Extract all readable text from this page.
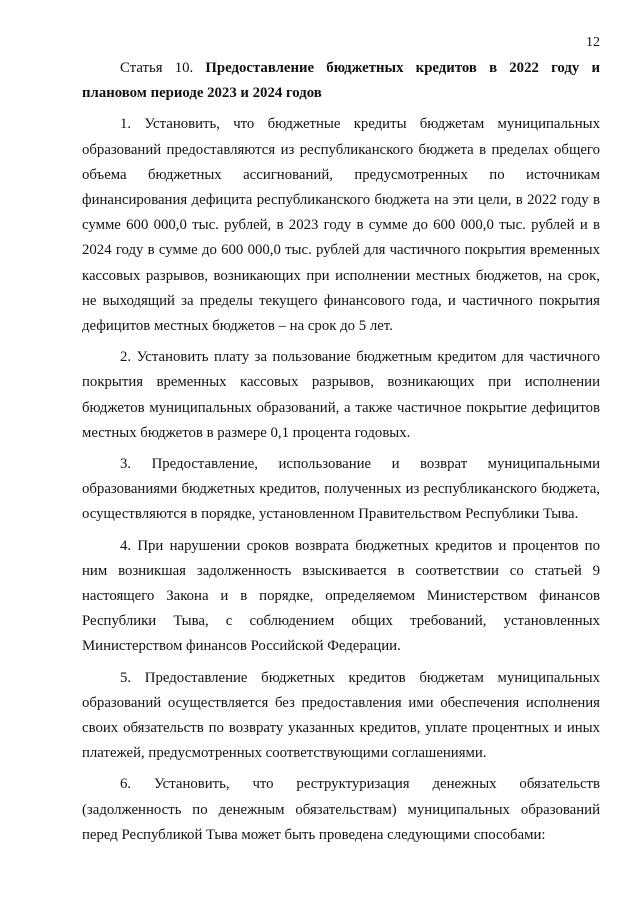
12

Статья 10. Предоставление бюджетных кредитов в 2022 году и плановом периоде 2023 и 2024 годов

1. Установить, что бюджетные кредиты бюджетам муниципальных образований предоставляются из республиканского бюджета в пределах общего объема бюджетных ассигнований, предусмотренных по источникам финансирования дефицита республиканского бюджета на эти цели, в 2022 году в сумме 600 000,0 тыс. рублей, в 2023 году в сумме до 600 000,0 тыс. рублей и в 2024 году в сумме до 600 000,0 тыс. рублей для частичного покрытия временных кассовых разрывов, возникающих при исполнении местных бюджетов, на срок, не выходящий за пределы текущего финансового года, и частичного покрытия дефицитов местных бюджетов – на срок до 5 лет.

2. Установить плату за пользование бюджетным кредитом для частичного покрытия временных кассовых разрывов, возникающих при исполнении бюджетов муниципальных образований, а также частичное покрытие дефицитов местных бюджетов в размере 0,1 процента годовых.

3. Предоставление, использование и возврат муниципальными образованиями бюджетных кредитов, полученных из республиканского бюджета, осуществляются в порядке, установленном Правительством Республики Тыва.

4. При нарушении сроков возврата бюджетных кредитов и процентов по ним возникшая задолженность взыскивается в соответствии со статьей 9 настоящего Закона и в порядке, определяемом Министерством финансов Республики Тыва, с соблюдением общих требований, установленных Министерством финансов Российской Федерации.

5. Предоставление бюджетных кредитов бюджетам муниципальных образований осуществляется без предоставления ими обеспечения исполнения своих обязательств по возврату указанных кредитов, уплате процентных и иных платежей, предусмотренных соответствующими соглашениями.

6. Установить, что реструктуризация денежных обязательств (задолженность по денежным обязательствам) муниципальных образований перед Республикой Тыва может быть проведена следующими способами:
